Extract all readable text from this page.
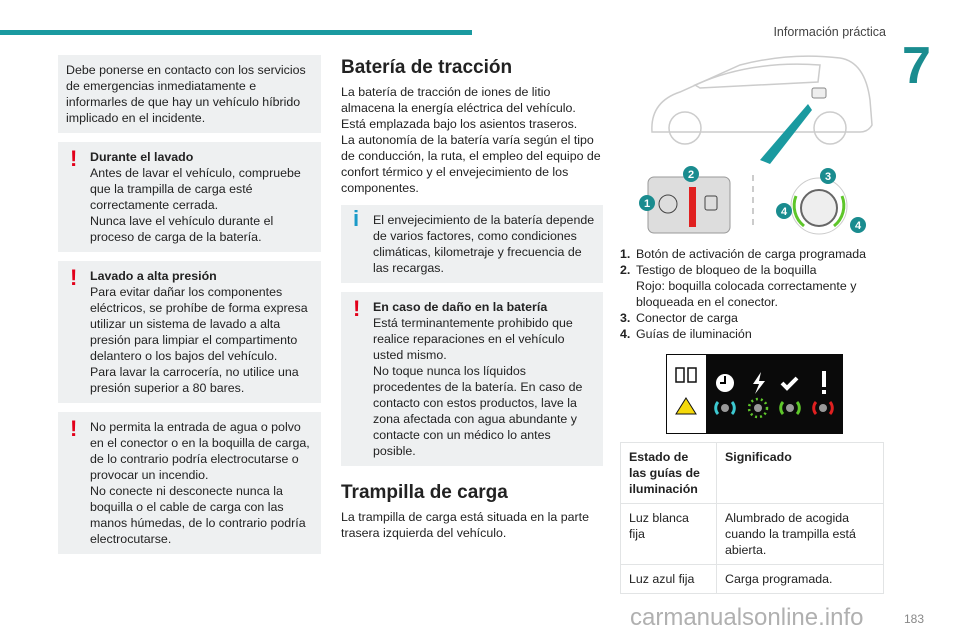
Información práctica
7
Debe ponerse en contacto con los servicios de emergencias inmediatamente e informarles de que hay un vehículo híbrido implicado en el incidente.
! Durante el lavado
Antes de lavar el vehículo, compruebe que la trampilla de carga esté correctamente cerrada.
Nunca lave el vehículo durante el proceso de carga de la batería.
! Lavado a alta presión
Para evitar dañar los componentes eléctricos, se prohíbe de forma expresa utilizar un sistema de lavado a alta presión para limpiar el compartimento delantero o los bajos del vehículo.
Para lavar la carrocería, no utilice una presión superior a 80 bares.
! No permita la entrada de agua o polvo en el conector o en la boquilla de carga, de lo contrario podría electrocutarse o provocar un incendio.
No conecte ni desconecte nunca la boquilla o el cable de carga con las manos húmedas, de lo contrario podría electrocutarse.
Batería de tracción

La batería de tracción de iones de litio almacena la energía eléctrica del vehículo. Está emplazada bajo los asientos traseros.

La autonomía de la batería varía según el tipo de conducción, la ruta, el empleo del equipo de confort térmico y el envejecimiento de los componentes.

i El envejecimiento de la batería depende de varios factores, como condiciones climáticas, kilometraje y frecuencia de las recargas.
! En caso de daño en la batería
Está terminantemente prohibido que realice reparaciones en el vehículo usted mismo.
No toque nunca los líquidos procedentes de la batería. En caso de contacto con estos productos, lave la zona afectada con agua abundante y contacte con un médico lo antes posible.
Trampilla de carga

La trampilla de carga está situada en la parte trasera izquierda del vehículo.

1
2	3
4
4
1. Botón de activación de carga programada
2. Testigo de bloqueo de la boquilla
Rojo: boquilla colocada correctamente y bloqueada en el conector.
3. Conector de carga
4. Guías de iluminación
Estado de las guías de iluminación	Significado
Luz blanca fija	Alumbrado de acogida cuando la trampilla está abierta.
Luz azul fija	Carga programada.
carmanualsonline.info	183
